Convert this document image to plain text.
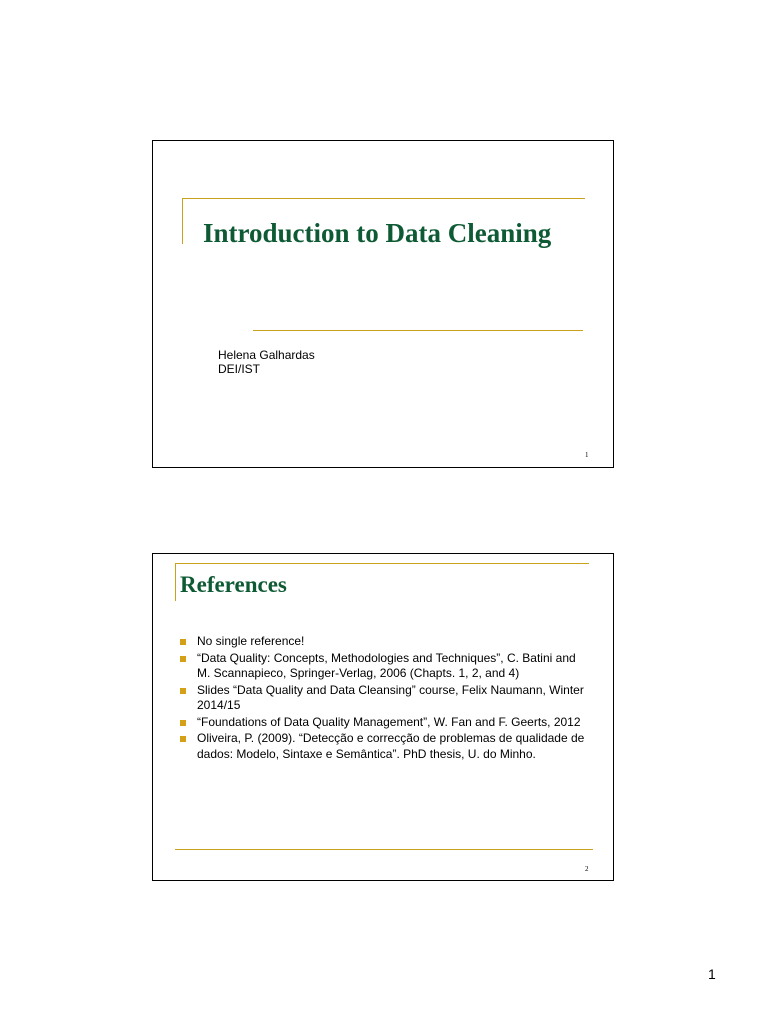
Introduction to Data Cleaning
Helena Galhardas
DEI/IST
1
References
No single reference!
“Data Quality: Concepts, Methodologies and Techniques”, C. Batini and M. Scannapieco, Springer-Verlag, 2006 (Chapts. 1, 2, and 4)
Slides “Data Quality and Data Cleansing” course, Felix Naumann, Winter 2014/15
“Foundations of Data Quality Management”, W. Fan and F. Geerts, 2012
Oliveira, P. (2009). “Detecção e correcção de problemas de qualidade de dados: Modelo, Sintaxe e Semântica”. PhD thesis, U. do Minho.
2
1
